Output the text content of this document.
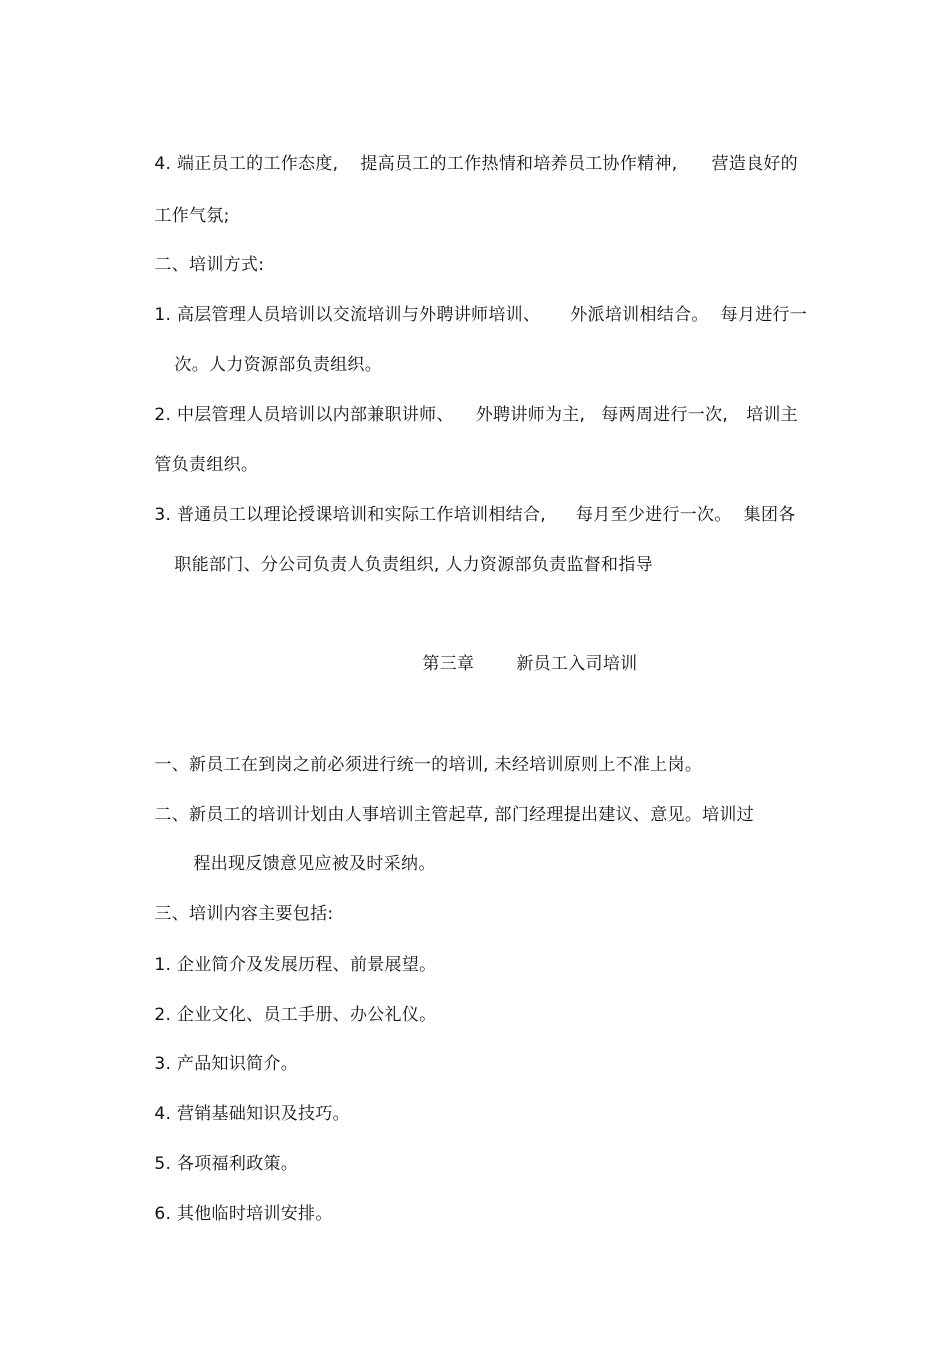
4. 端正员工的工作态度, 提高员工的工作热情和培养员工协作精神, 营造良好的

工作气氛;

二、培训方式:

1. 高层管理人员培训以交流培训与外聘讲师培训、 外派培训相结合。 每月进行一

次。人力资源部负责组织。

2. 中层管理人员培训以内部兼职讲师、 外聘讲师为主, 每两周进行一次, 培训主

管负责组织。

3. 普通员工以理论授课培训和实际工作培训相结合, 每月至少进行一次。 集团各

职能部门、分公司负责人负责组织, 人力资源部负责监督和指导

第三章 新员工入司培训

一、新员工在到岗之前必须进行统一的培训, 未经培训原则上不准上岗。

二、新员工的培训计划由人事培训主管起草, 部门经理提出建议、意见。培训过

程出现反馈意见应被及时采纳。

三、培训内容主要包括:

1. 企业简介及发展历程、前景展望。

2. 企业文化、员工手册、办公礼仪。

3. 产品知识简介。

4. 营销基础知识及技巧。

5. 各项福利政策。

6. 其他临时培训安排。
